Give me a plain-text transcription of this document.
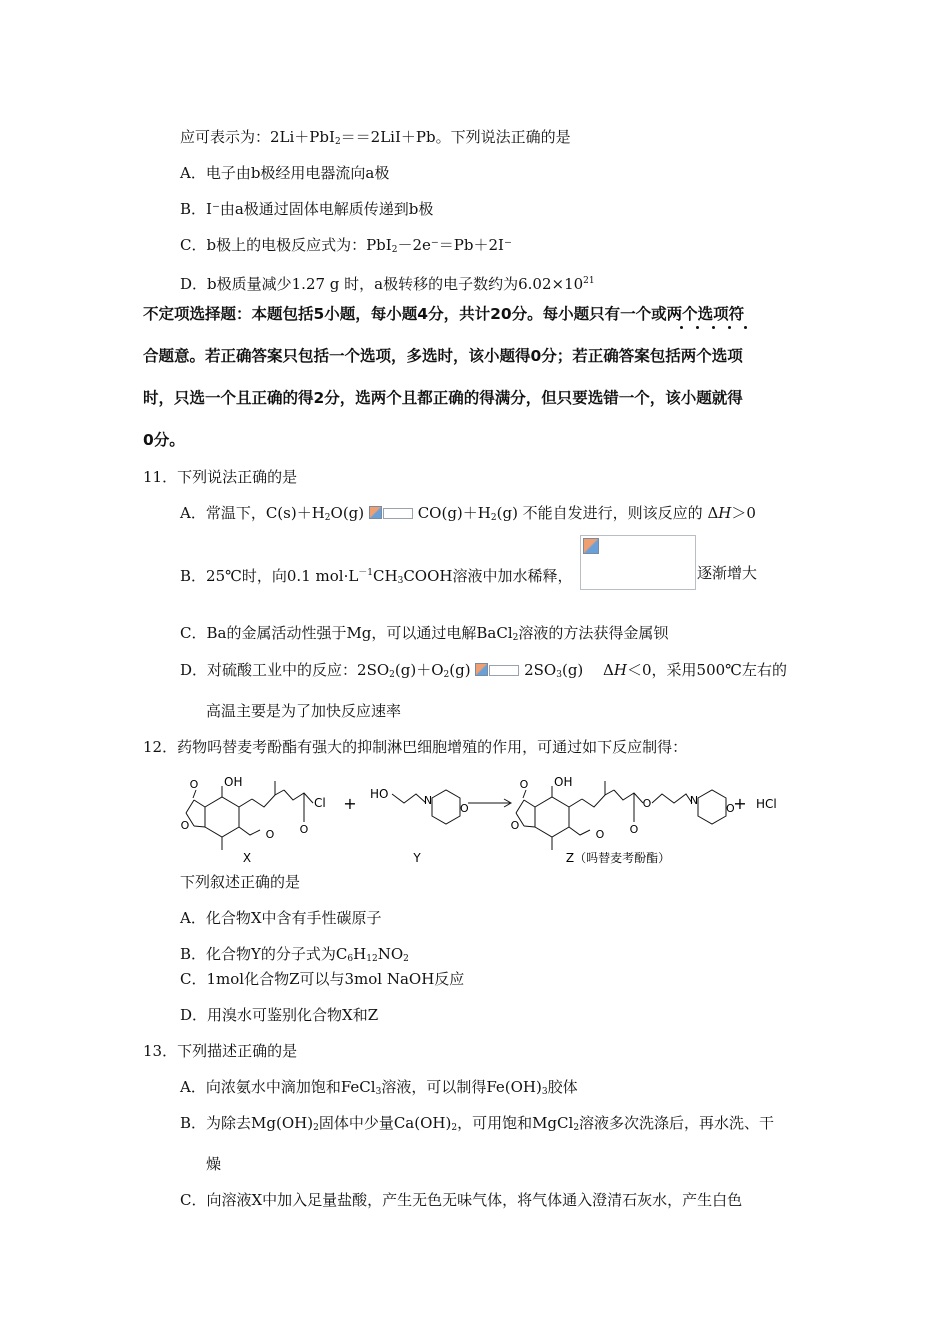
应可表示为：2Li＋PbI$_2$＝＝2LiI＋Pb。下列说法正确的是
A．电子由b极经用电器流向a极
B．I⁻由a极通过固体电解质传递到b极
C．b极上的电极反应式为：PbI$_2$－2e⁻＝Pb＋2I⁻
D．b极质量减少1.27 g 时，a极转移的电子数约为$6.02\times 10^{21}$
不定项选择题：本题包括5小题，每小题4分，共计20分。每小题只有一个或两个选项符
合题意。若正确答案只包括一个选项，多选时，该小题得0分；若正确答案包括两个选项
时，只选一个且正确的得2分，选两个且都正确的得满分，但只要选错一个，该小题就得
0分。
11．下列说法正确的是
A．常温下，$C(s)+H_2O(g)$	$CO(g)+H_2(g)$ 不能自发进行，则该反应的 ΔH＞0
B．25℃时，向0.1 $mol\cdot L^{-1}CH_3COOH$溶液中加水稀释，	逐渐增大
C．Ba的金属活动性强于Mg，可以通过电解BaCl$_2$溶液的方法获得金属钡
D．对硫酸工业中的反应：$2SO_2(g)+O_2(g)$	$2SO_3(g)$　 ΔH＜0，采用500℃左右的
高温主要是为了加快反应速率
12．药物吗替麦考酚酯有强大的抑制淋巴细胞增殖的作用，可通过如下反应制得：
O OH
O
O O
Cl + HO	N
O
O OH
O
O O
O	N
O
+ HCl
X	Y	Z（吗替麦考酚酯）
下列叙述正确的是
A．化合物X中含有手性碳原子
B．化合物Y的分子式为$C_6H_{12}NO_2$
C．1mol化合物Z可以与3mol NaOH反应
D．用溴水可鉴别化合物X和Z
13．下列描述正确的是
A．向浓氨水中滴加饱和FeCl$_3$溶液，可以制得$Fe(OH)_3$胶体
B．为除去$Mg(OH)_2$固体中少量$Ca(OH)_2$，可用饱和MgCl$_2$溶液多次洗涤后，再水洗、干
燥
C．向溶液X中加入足量盐酸，产生无色无味气体，将气体通入澄清石灰水，产生白色
